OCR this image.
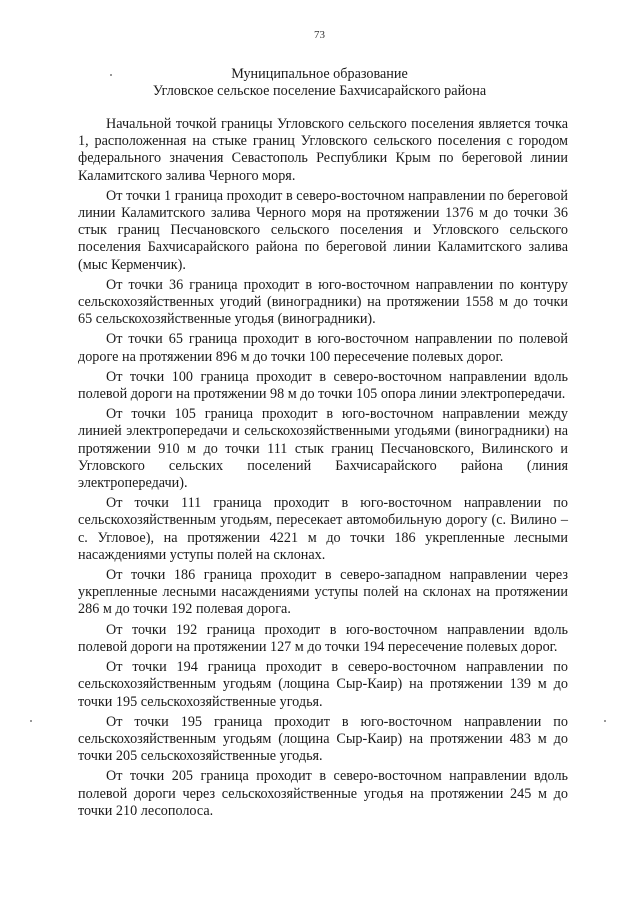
73
Муниципальное образование
Угловское сельское поселение Бахчисарайского района

Начальной точкой границы Угловского сельского поселения является точка 1, расположенная на стыке границ Угловского сельского поселения с городом федерального значения Севастополь Республики Крым по береговой линии Каламитского залива Черного моря.

От точки 1 граница проходит в северо-восточном направлении по береговой линии Каламитского залива Черного моря на протяжении 1376 м до точки 36 стык границ Песчановского сельского поселения и Угловского сельского поселения Бахчисарайского района по береговой линии Каламитского залива (мыс Керменчик).

От точки 36 граница проходит в юго-восточном направлении по контуру сельскохозяйственных угодий (виноградники) на протяжении 1558 м до точки 65 сельскохозяйственные угодья (виноградники).

От точки 65 граница проходит в юго-восточном направлении по полевой дороге на протяжении 896 м до точки 100 пересечение полевых дорог.

От точки 100 граница проходит в северо-восточном направлении вдоль полевой дороги на протяжении 98 м до точки 105 опора линии электропередачи.

От точки 105 граница проходит в юго-восточном направлении между линией электропередачи и сельскохозяйственными угодьями (виноградники) на протяжении 910 м до точки 111 стык границ Песчановского, Вилинского и Угловского сельских поселений Бахчисарайского района (линия электропередачи).

От точки 111 граница проходит в юго-восточном направлении по сельскохозяйственным угодьям, пересекает автомобильную дорогу (с. Вилино – с. Угловое), на протяжении 4221 м до точки 186 укрепленные лесными насаждениями уступы полей на склонах.

От точки 186 граница проходит в северо-западном направлении через укрепленные лесными насаждениями уступы полей на склонах на протяжении 286 м до точки 192 полевая дорога.

От точки 192 граница проходит в юго-восточном направлении вдоль полевой дороги на протяжении 127 м до точки 194 пересечение полевых дорог.

От точки 194 граница проходит в северо-восточном направлении по сельскохозяйственным угодьям (лощина Сыр-Каир) на протяжении 139 м до точки 195 сельскохозяйственные угодья.

От точки 195 граница проходит в юго-восточном направлении по сельскохозяйственным угодьям (лощина Сыр-Каир) на протяжении 483 м до точки 205 сельскохозяйственные угодья.

От точки 205 граница проходит в северо-восточном направлении вдоль полевой дороги через сельскохозяйственные угодья на протяжении 245 м до точки 210 лесополоса.
